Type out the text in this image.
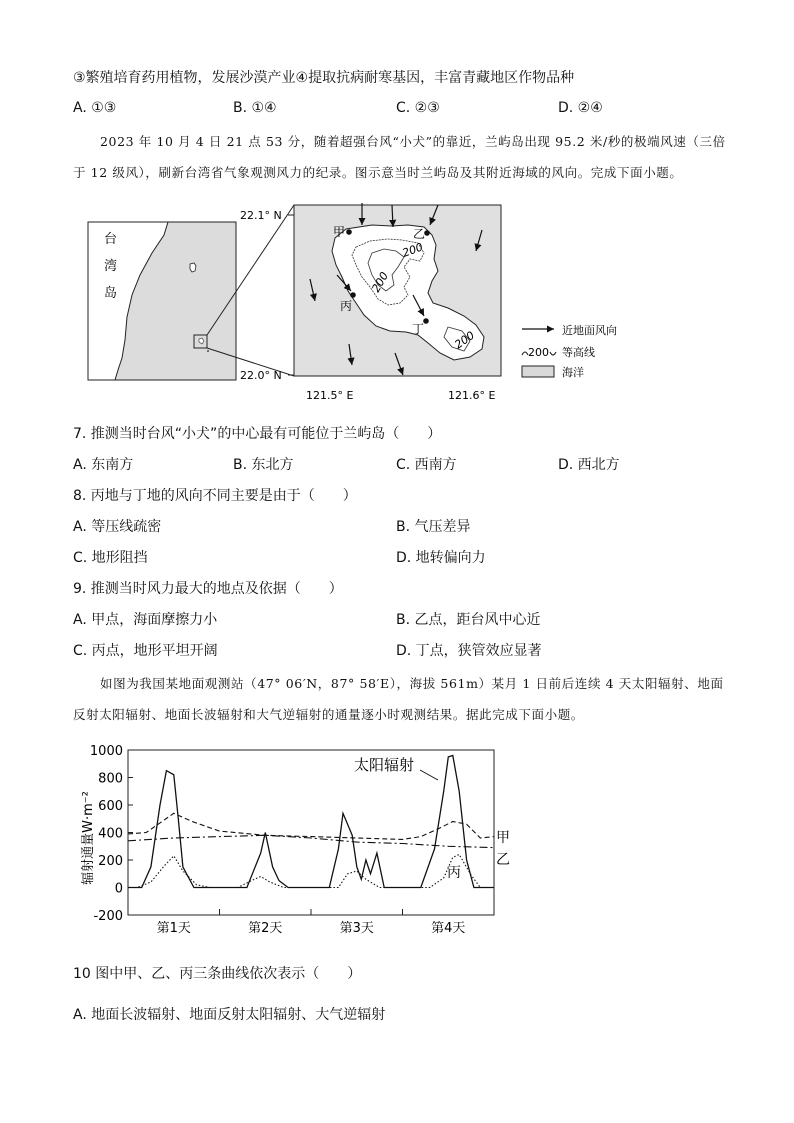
③繁殖培育药用植物，发展沙漠产业④提取抗病耐寒基因，丰富青藏地区作物品种
A. ①③	B. ①④	C. ②③	D. ②④
2023 年 10 月 4 日 21 点 53 分，随着超强台风“小犬”的靠近，兰屿岛出现 95.2 米/秒的极端风速（三倍
于 12 级风），刷新台湾省气象观测风力的纪录。图示意当时兰屿岛及其附近海域的风向。完成下面小题。
台
湾
岛
200
200
200
甲	乙
丙
丁
22.1° N
22.0° N
121.5° E	121.6° E
近地面风向
200 等高线
海洋
7. 推测当时台风“小犬”的中心最有可能位于兰屿岛（　　）
A. 东南方	B. 东北方	C. 西南方	D. 西北方
8. 丙地与丁地的风向不同主要是由于（　　）
A. 等压线疏密	B. 气压差异
C. 地形阻挡	D. 地转偏向力
9. 推测当时风力最大的地点及依据（　　）
A. 甲点，海面摩擦力小	B. 乙点，距台风中心近
C. 丙点，地形平坦开阔	D. 丁点，狭管效应显著
如图为我国某地面观测站（47° 06′N，87° 58′E），海拔 561m）某月 1 日前后连续 4 天太阳辐射、地面
反射太阳辐射、地面长波辐射和大气逆辐射的通量逐小时观测结果。据此完成下面小题。
辐射通量W·m⁻²
1000
800
600
400
200
0
-200
第1天	第2天	第3天	第4天
甲
乙
丙
太阳辐射
10 图中甲、乙、丙三条曲线依次表示（　　）
A. 地面长波辐射、地面反射太阳辐射、大气逆辐射
